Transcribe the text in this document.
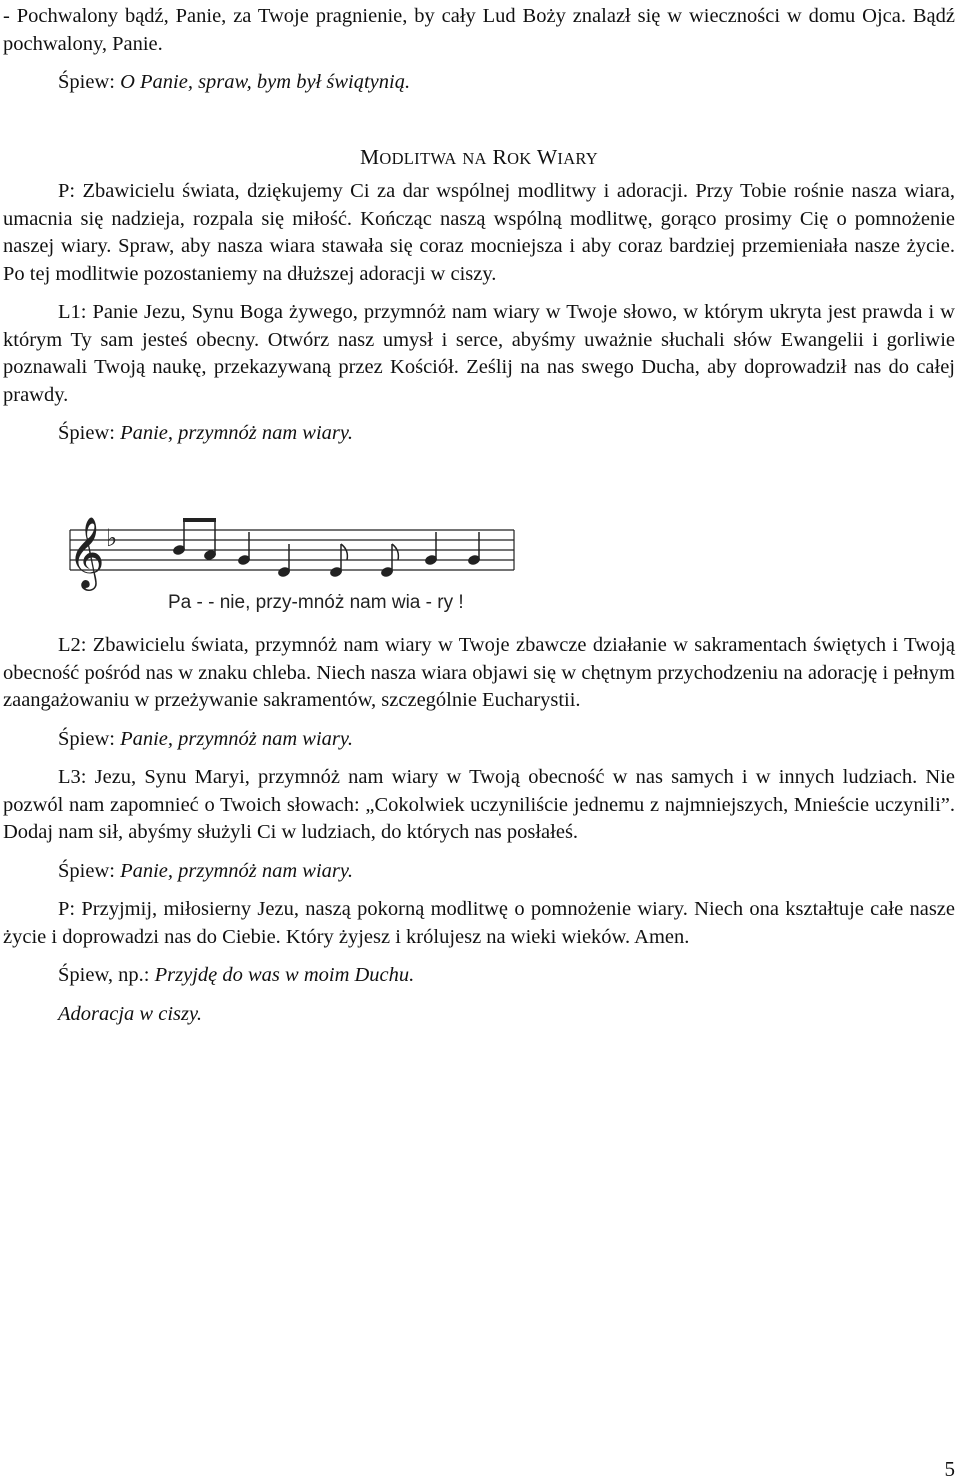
- Pochwalony bądź, Panie, za Twoje pragnienie, by cały Lud Boży znalazł się w wieczności w domu Ojca. Bądź pochwalony, Panie.

Śpiew: O Panie, spraw, bym był świątynią.

MODLITWA NA ROK WIARY

P: Zbawicielu świata, dziękujemy Ci za dar wspólnej modlitwy i adoracji. Przy Tobie rośnie nasza wiara, umacnia się nadzieja, rozpala się miłość. Kończąc naszą wspólną modlitwę, gorąco prosimy Cię o pomnożenie naszej wiary. Spraw, aby nasza wiara stawała się coraz mocniejsza i aby coraz bardziej przemieniała nasze życie. Po tej modlitwie pozostaniemy na dłuższej adoracji w ciszy.

L1: Panie Jezu, Synu Boga żywego, przymnóż nam wiary w Twoje słowo, w którym ukryta jest prawda i w którym Ty sam jesteś obecny. Otwórz nasz umysł i serce, abyśmy uważnie słuchali słów Ewangelii i gorliwie poznawali Twoją naukę, przekazywaną przez Kościół. Ześlij na nas swego Ducha, aby doprowadził nas do całej prawdy.

Śpiew: Panie, przymnóż nam wiary.

𝄞 ♭
Pa - - nie, przy-mnóż nam wia - ry !

L2: Zbawicielu świata, przymnóż nam wiary w Twoje zbawcze działanie w sakramentach świętych i Twoją obecność pośród nas w znaku chleba. Niech nasza wiara objawi się w chętnym przychodzeniu na adorację i pełnym zaangażowaniu w przeżywanie sakramentów, szczególnie Eucharystii.

Śpiew: Panie, przymnóż nam wiary.

L3: Jezu, Synu Maryi, przymnóż nam wiary w Twoją obecność w nas samych i w innych ludziach. Nie pozwól nam zapomnieć o Twoich słowach: „Cokolwiek uczyniliście jednemu z najmniejszych, Mnieście uczynili”. Dodaj nam sił, abyśmy służyli Ci w ludziach, do których nas posłałeś.

Śpiew: Panie, przymnóż nam wiary.

P: Przyjmij, miłosierny Jezu, naszą pokorną modlitwę o pomnożenie wiary. Niech ona kształtuje całe nasze życie i doprowadzi nas do Ciebie. Który żyjesz i królujesz na wieki wieków. Amen.

Śpiew, np.: Przyjdę do was w moim Duchu.

Adoracja w ciszy.

5
